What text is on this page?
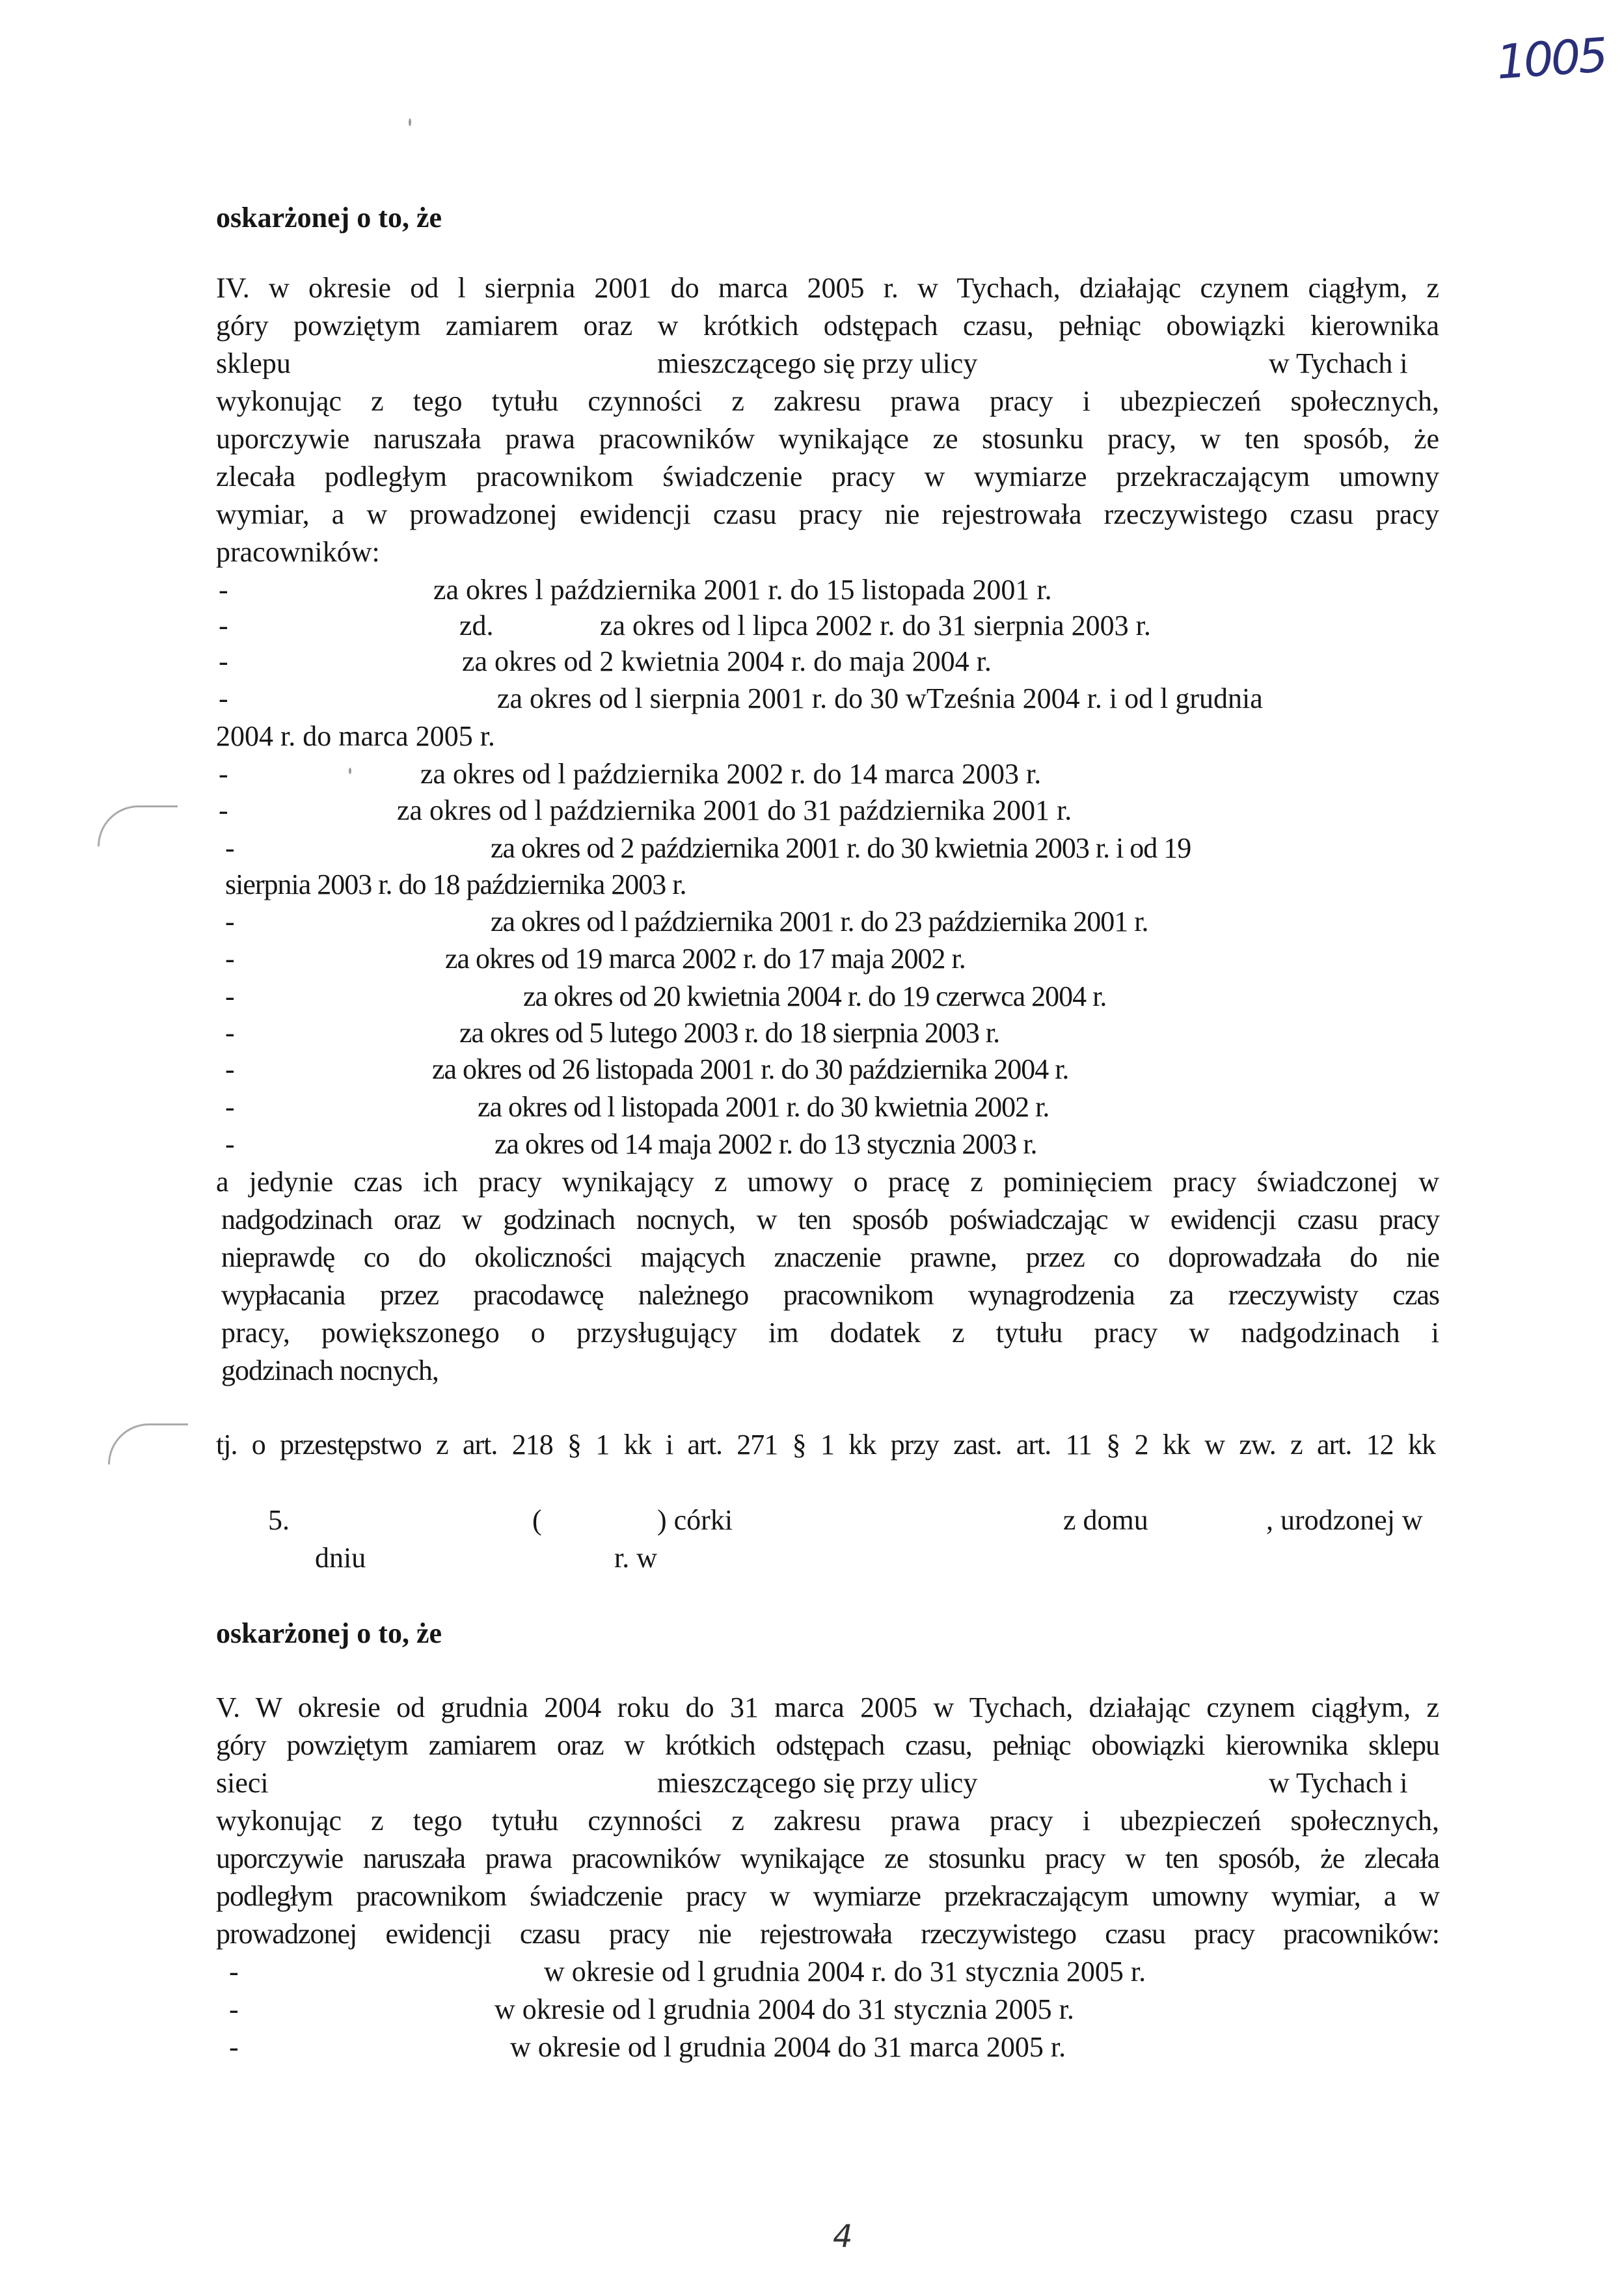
1005
oskarżonej o to, że
IV. w okresie od l sierpnia 2001 do marca 2005 r. w Tychach, działając czynem ciągłym, z
góry powziętym zamiarem oraz w krótkich odstępach czasu, pełniąc obowiązki kierownika
sklepu	mieszczącego się przy ulicy	w Tychach i
wykonując z tego tytułu czynności z zakresu prawa pracy i ubezpieczeń społecznych,
uporczywie naruszała prawa pracowników wynikające ze stosunku pracy, w ten sposób, że
zlecała podległym pracownikom świadczenie pracy w wymiarze przekraczającym umowny
wymiar, a w prowadzonej ewidencji czasu pracy nie rejestrowała rzeczywistego czasu pracy
pracowników:
-	za okres l października 2001 r. do 15 listopada 2001 r.
-	zd.	za okres od l lipca 2002 r. do 31 sierpnia 2003 r.
-	za okres od 2 kwietnia 2004 r. do maja 2004 r.
-	za okres od l sierpnia 2001 r. do 30 wTześnia 2004 r. i od l grudnia
2004 r. do marca 2005 r.
-	za okres od l października 2002 r. do 14 marca 2003 r.
-	za okres od l października 2001 do 31 października 2001 r.
-	za okres od 2 października 2001 r. do 30 kwietnia 2003 r. i od 19
sierpnia 2003 r. do 18 października 2003 r.
-	za okres od l października 2001 r. do 23 października 2001 r.
-	za okres od 19 marca 2002 r. do 17 maja 2002 r.
-	za okres od 20 kwietnia 2004 r. do 19 czerwca 2004 r.
-	za okres od 5 lutego 2003 r. do 18 sierpnia 2003 r.
-	za okres od 26 listopada 2001 r. do 30 października 2004 r.
-	za okres od l listopada 2001 r. do 30 kwietnia 2002 r.
-	za okres od 14 maja 2002 r. do 13 stycznia 2003 r.
a jedynie czas ich pracy wynikający z umowy o pracę z pominięciem pracy świadczonej w
nadgodzinach oraz w godzinach nocnych, w ten sposób poświadczając w ewidencji czasu pracy
nieprawdę co do okoliczności mających znaczenie prawne, przez co doprowadzała do nie
wypłacania przez pracodawcę należnego pracownikom wynagrodzenia za rzeczywisty czas
pracy, powiększonego o przysługujący im dodatek z tytułu pracy w nadgodzinach i
godzinach nocnych,
tj. o przestępstwo z art. 218 § 1 kk i art. 271 § 1 kk przy zast. art. 11 § 2 kk w zw. z art. 12 kk
5.	(	) córki	z domu	, urodzonej w
dniu	r. w
oskarżonej o to, że
V. W okresie od grudnia 2004 roku do 31 marca 2005 w Tychach, działając czynem ciągłym, z
góry powziętym zamiarem oraz w krótkich odstępach czasu, pełniąc obowiązki kierownika sklepu
sieci	mieszczącego się przy ulicy	w Tychach i
wykonując z tego tytułu czynności z zakresu prawa pracy i ubezpieczeń społecznych,
uporczywie naruszała prawa pracowników wynikające ze stosunku pracy w ten sposób, że zlecała
podległym pracownikom świadczenie pracy w wymiarze przekraczającym umowny wymiar, a w
prowadzonej ewidencji czasu pracy nie rejestrowała rzeczywistego czasu pracy pracowników:
-	w okresie od l grudnia 2004 r. do 31 stycznia 2005 r.
-	w okresie od l grudnia 2004 do 31 stycznia 2005 r.
-	w okresie od l grudnia 2004 do 31 marca 2005 r.
4
